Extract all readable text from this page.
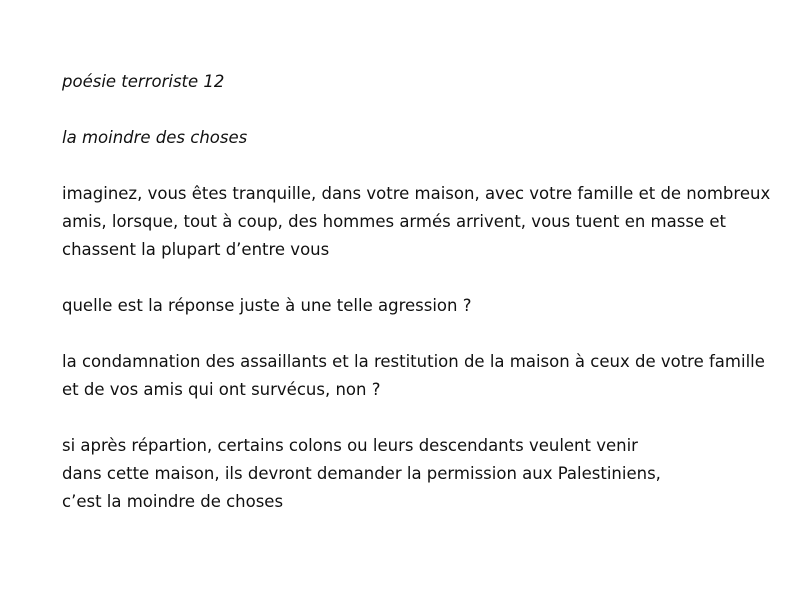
poésie terroriste 12

la moindre des choses

imaginez, vous êtes tranquille, dans votre maison, avec votre famille et de nombreux
amis, lorsque, tout à coup, des hommes armés arrivent, vous tuent en masse et
chassent la plupart d’entre vous

quelle est la réponse juste à une telle agression ?

la condamnation des assaillants et la restitution de la maison à ceux de votre famille
et de vos amis qui ont survécus, non ?

si après répartion, certains colons ou leurs descendants veulent venir
dans cette maison, ils devront demander la permission aux Palestiniens,
c’est la moindre de choses
